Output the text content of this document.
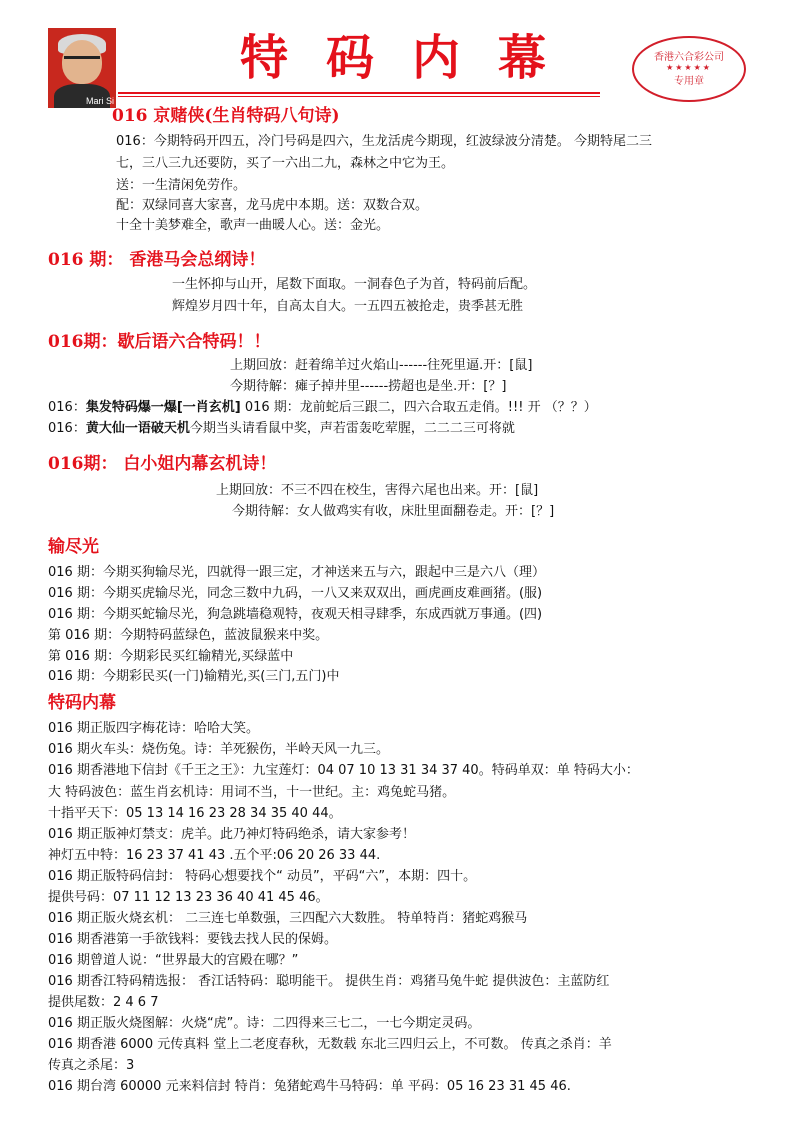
Mari Si
特码内幕	香港六合彩公司
★★★★★
专用章
016 京赌侠(生肖特码八句诗)
016：今期特码开四五，冷门号码是四六，生龙活虎今期现，红波绿波分清楚。 今期特尾二三
七，三八三九还要防，买了一六出二九，森林之中它为王。
送：一生清闲免劳作。
配：双绿同喜大家喜，龙马虎中本期。送：双数合双。
十全十美梦难全，歌声一曲暖人心。送：金光。
016 期： 香港马会总纲诗！
一生怀抑与山开，尾数下面取。一洞春色子为首，特码前后配。
辉煌岁月四十年，自高太自大。一五四五被抢走，贵季甚无胜
016期：歇后语六合特码！！
上期回放：赶着绵羊过火焰山------往死里逼.开：[鼠]
今期待解：瘫子掉井里------捞超也是坐.开：[？]
016：集发特码爆一爆[一肖玄机] 016 期：龙前蛇后三跟二，四六合取五走俏。!!! 开 （？？）
016：黄大仙一语破天机今期当头请看鼠中奖，声若雷轰吃荤腥，二二二三可将就
016期： 白小姐内幕玄机诗！
上期回放：不三不四在校生，害得六尾也出来。开：[鼠]
今期待解：女人做鸡实有收，床肚里面翻卷走。开：[？]
输尽光
016 期：今期买狗输尽光，四就得一跟三定，才神送来五与六，跟起中三是六八（理）
016 期：今期买虎输尽光，同念三数中九码，一八又来双双出，画虎画皮难画猪。(服)
016 期：今期买蛇输尽光，狗急跳墙稳观特，夜观天相寻肆季，东成西就万事通。(四)
第 016 期：今期特码蓝绿色，蓝波鼠猴来中奖。
第 016 期：今期彩民买红输精光,买绿蓝中
016 期：今期彩民买(一门)输精光,买(三门,五门)中
特码内幕
016 期正版四字梅花诗：哈哈大笑。
016 期火车头：烧伤兔。诗：羊死猴伤，半岭天风一九三。
016 期香港地下信封《千王之王》：九宝莲灯：04 07 10 13 31 34 37 40。特码单双：单 特码大小：
大 特码波色：蓝生肖玄机诗：用词不当，十一世纪。主：鸡兔蛇马猪。
十指平天下：05 13 14 16 23 28 34 35 40 44。
016 期正版神灯禁支：虎羊。此乃神灯特码绝杀，请大家参考！
神灯五中特：16 23 37 41 43 .五个平:06 20 26 33 44.
016 期正版特码信封： 特码心想要找个“ 动员”，平码“六”，本期：四十。
提供号码：07 11 12 13 23 36 40 41 45 46。
016 期正版火烧玄机： 二三连七单数强，三四配六大数胜。 特单特肖：猪蛇鸡猴马
016 期香港第一手欲钱料：要钱去找人民的保姆。
016 期曾道人说：“世界最大的宫殿在哪？”
016 期香江特码精选报： 香江话特码：聪明能干。 提供生肖：鸡猪马兔牛蛇 提供波色：主蓝防红
提供尾数：2 4 6 7
016 期正版火烧图解：火烧“虎”。诗：二四得来三七二，一七今期定灵码。
016 期香港 6000 元传真料 堂上二老度春秋，无数载 东北三四归云上，不可数。 传真之杀肖：羊
传真之杀尾：3
016 期台湾 60000 元来料信封 特肖：兔猪蛇鸡牛马特码：单 平码：05 16 23 31 45 46.
